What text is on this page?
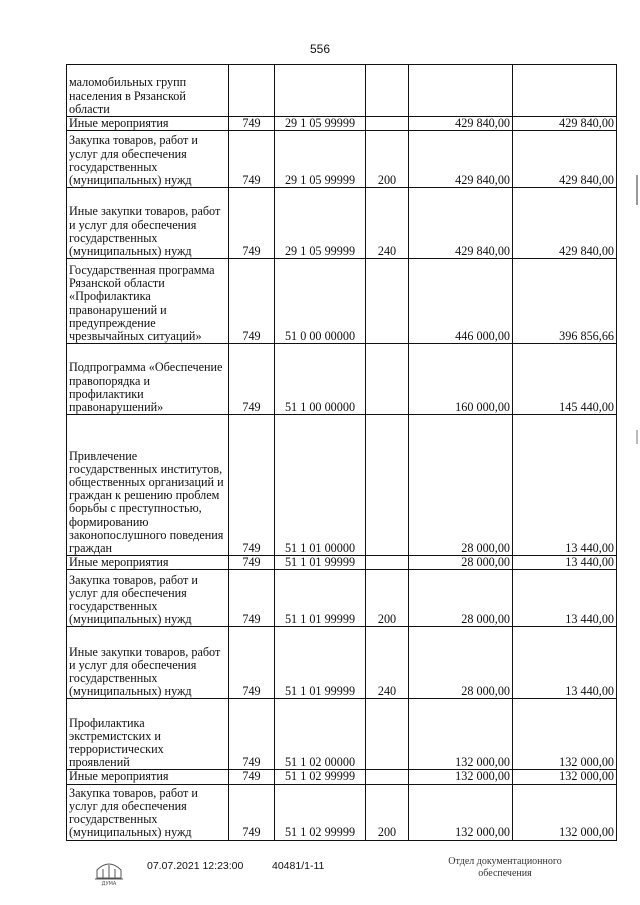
556
маломобильных групп населения в Рязанской области					
Иные мероприятия	749	29 1 05 99999		429 840,00	429 840,00
Закупка товаров, работ и услуг для обеспечения государственных (муниципальных) нужд	749	29 1 05 99999	200	429 840,00	429 840,00
Иные закупки товаров, работ и услуг для обеспечения государственных (муниципальных) нужд	749	29 1 05 99999	240	429 840,00	429 840,00
Государственная программа Рязанской области «Профилактика правонарушений и предупреждение чрезвычайных ситуаций»	749	51 0 00 00000		446 000,00	396 856,66
Подпрограмма «Обеспечение правопорядка и профилактики правонарушений»	749	51 1 00 00000		160 000,00	145 440,00
Привлечение государственных институтов, общественных организаций и граждан к решению проблем борьбы с преступностью, формированию законопослушного поведения граждан	749	51 1 01 00000		28 000,00	13 440,00
Иные мероприятия	749	51 1 01 99999		28 000,00	13 440,00
Закупка товаров, работ и услуг для обеспечения государственных (муниципальных) нужд	749	51 1 01 99999	200	28 000,00	13 440,00
Иные закупки товаров, работ и услуг для обеспечения государственных (муниципальных) нужд	749	51 1 01 99999	240	28 000,00	13 440,00
Профилактика экстремистских и террористических проявлений	749	51 1 02 00000		132 000,00	132 000,00
Иные мероприятия	749	51 1 02 99999		132 000,00	132 000,00
Закупка товаров, работ и услуг для обеспечения государственных (муниципальных) нужд	749	51 1 02 99999	200	132 000,00	132 000,00
ДУМА
07.07.2021 12:23:00	40481/1-11	Отдел документационного
обеспечения
